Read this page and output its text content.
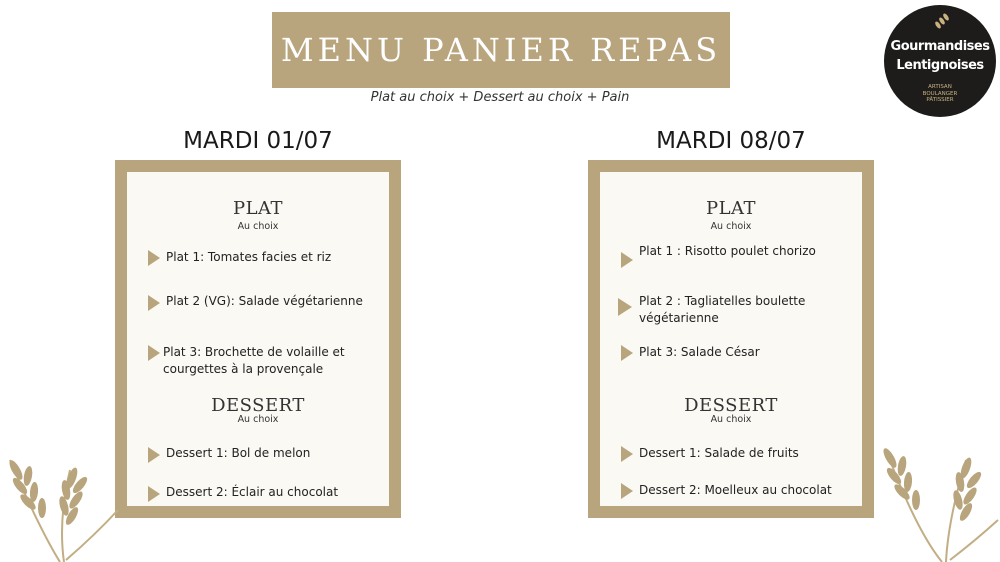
MENU PANIER REPAS
Plat au choix + Dessert au choix + Pain
Gourmandises
Lentignoises
ARTISAN
BOULANGER
PÂTISSIER
MARDI 01/07
PLAT
Au choix
Plat 1: Tomates facies et riz
Plat 2 (VG): Salade végétarienne
Plat 3: Brochette de volaille et courgettes à la provençale
DESSERT
Au choix
Dessert 1: Bol de melon
Dessert 2: Éclair au chocolat
MARDI 08/07
PLAT
Au choix
Plat 1 : Risotto poulet chorizo
Plat 2 : Tagliatelles boulette végétarienne
Plat 3: Salade César
DESSERT
Au choix
Dessert 1: Salade de fruits
Dessert 2: Moelleux au chocolat
